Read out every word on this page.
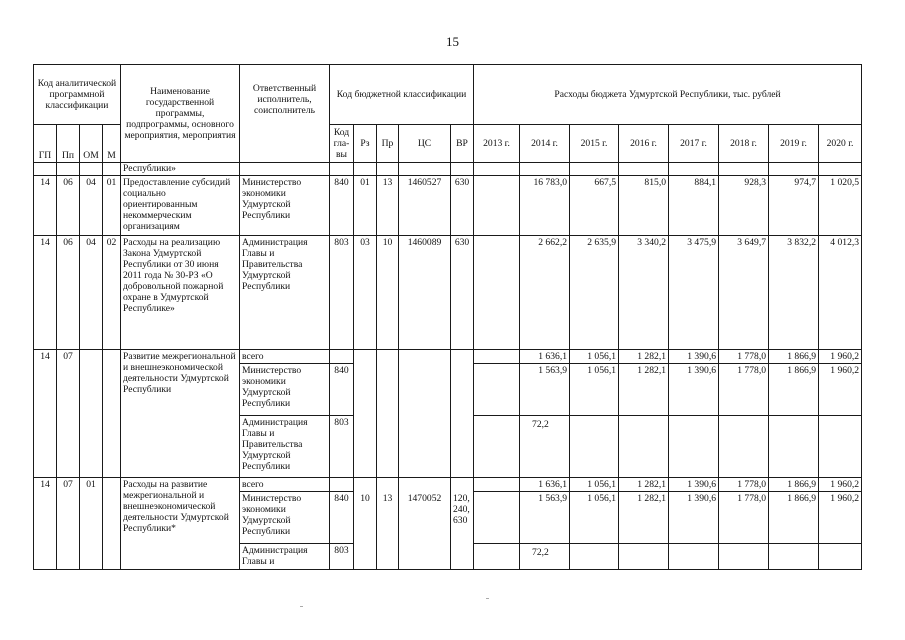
15
Код аналитической программной классификации				Наименование государственной программы, подпрограммы, основного мероприятия, мероприятия	Ответственный исполнитель, соисполнитель	Код бюджетной классификации					Расходы бюджета Удмуртской Республики, тыс. рублей							
ГП	Пп	ОМ	М			Код гла-вы	Рз	Пр	ЦС	ВР	2013 г.	2014 г.	2015 г.	2016 г.	2017 г.	2018 г.	2019 г.	2020 г.
				Республики»														
14	06	04	01	Предоставление субсидий социально ориентированным некоммерческим организациям	Министерство экономики Удмуртской Республики	840	01	13	1460527	630		16 783,0	667,5	815,0	884,1	928,3	974,7	1 020,5
14	06	04	02	Расходы на реализацию Закона Удмуртской Республики от 30 июня 2011 года № 30-РЗ «О добровольной пожарной охране в Удмуртской Республике»	Администрация Главы и Правительства Удмуртской Республики	803	03	10	1460089	630		2 662,2	2 635,9	3 340,2	3 475,9	3 649,7	3 832,2	4 012,3
14	07			Развитие межрегиональной и внешнеэкономической деятельности Удмуртской Республики	всего							1 636,1	1 056,1	1 282,1	1 390,6	1 778,0	1 866,9	1 960,2
					Министерство экономики Удмуртской Республики	840						1 563,9	1 056,1	1 282,1	1 390,6	1 778,0	1 866,9	1 960,2
					Администрация Главы и Правительства Удмуртской Республики	803						72,2						
14	07	01		Расходы на развитие межрегиональной и внешнеэкономической деятельности Удмуртской Республики*	всего							1 636,1	1 056,1	1 282,1	1 390,6	1 778,0	1 866,9	1 960,2
					Министерство экономики Удмуртской Республики	840	10	13	1470052	120, 240, 630		1 563,9	1 056,1	1 282,1	1 390,6	1 778,0	1 866,9	1 960,2
					Администрация Главы и	803						72,2						
